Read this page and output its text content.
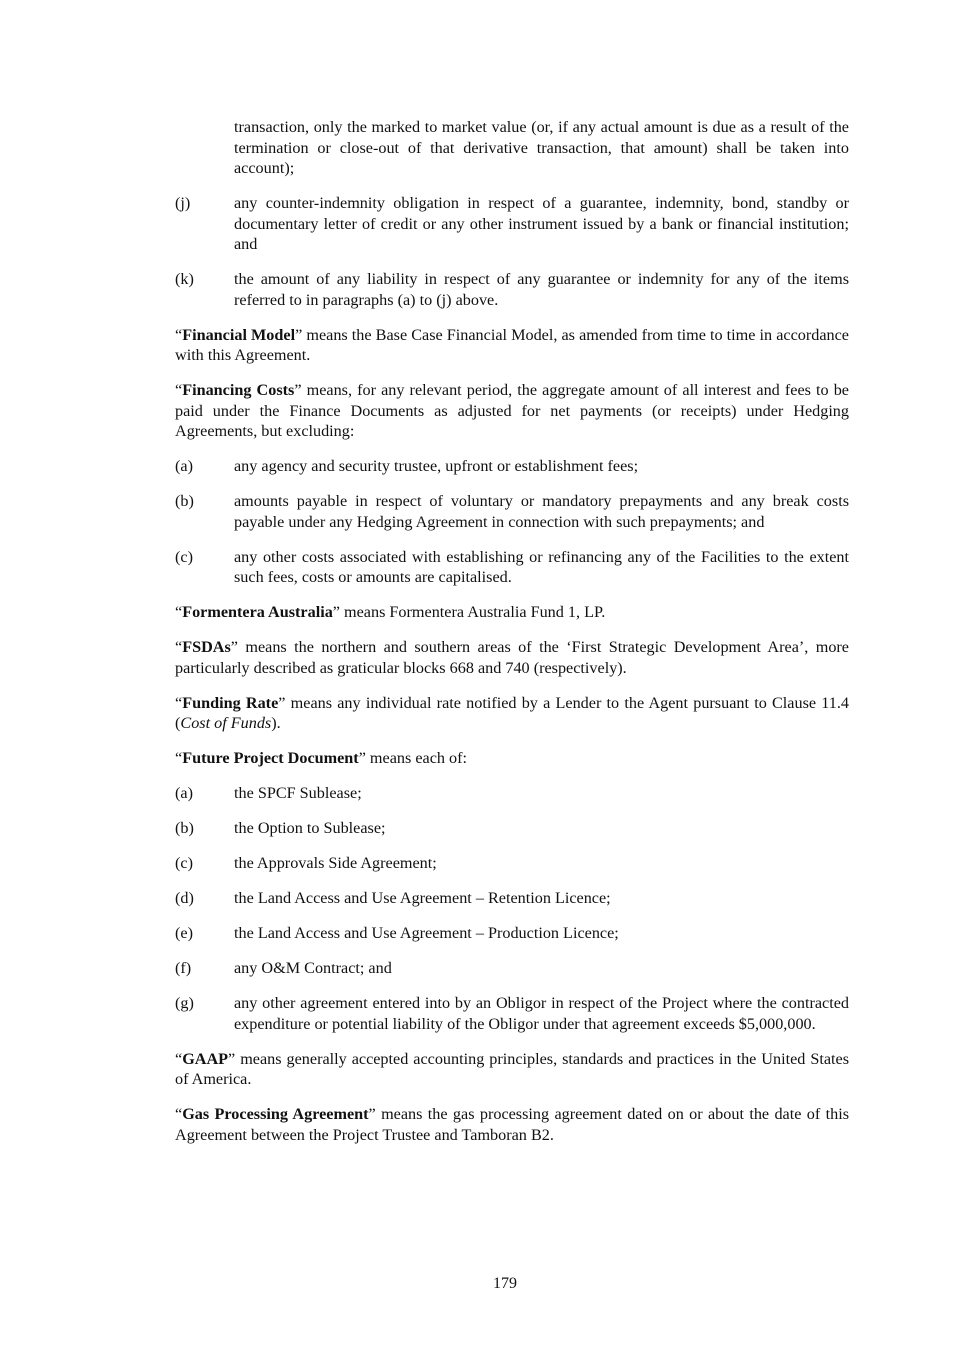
transaction, only the marked to market value (or, if any actual amount is due as a result of the termination or close-out of that derivative transaction, that amount) shall be taken into account);

(j)	any counter-indemnity obligation in respect of a guarantee, indemnity, bond, standby or documentary letter of credit or any other instrument issued by a bank or financial institution; and
(k)	the amount of any liability in respect of any guarantee or indemnity for any of the items referred to in paragraphs (a) to (j) above.

“Financial Model” means the Base Case Financial Model, as amended from time to time in accordance with this Agreement.

“Financing Costs” means, for any relevant period, the aggregate amount of all interest and fees to be paid under the Finance Documents as adjusted for net payments (or receipts) under Hedging Agreements, but excluding:

(a)	any agency and security trustee, upfront or establishment fees;
(b)	amounts payable in respect of voluntary or mandatory prepayments and any break costs payable under any Hedging Agreement in connection with such prepayments; and
(c)	any other costs associated with establishing or refinancing any of the Facilities to the extent such fees, costs or amounts are capitalised.

“Formentera Australia” means Formentera Australia Fund 1, LP.

“FSDAs” means the northern and southern areas of the ‘First Strategic Development Area’, more particularly described as graticular blocks 668 and 740 (respectively).

“Funding Rate” means any individual rate notified by a Lender to the Agent pursuant to Clause 11.4 (Cost of Funds).

“Future Project Document” means each of:

(a)	the SPCF Sublease;
(b)	the Option to Sublease;
(c)	the Approvals Side Agreement;
(d)	the Land Access and Use Agreement – Retention Licence;
(e)	the Land Access and Use Agreement – Production Licence;
(f)	any O&M Contract; and
(g)	any other agreement entered into by an Obligor in respect of the Project where the contracted expenditure or potential liability of the Obligor under that agreement exceeds $5,000,000.

“GAAP” means generally accepted accounting principles, standards and practices in the United States of America.

“Gas Processing Agreement” means the gas processing agreement dated on or about the date of this Agreement between the Project Trustee and Tamboran B2.

179
